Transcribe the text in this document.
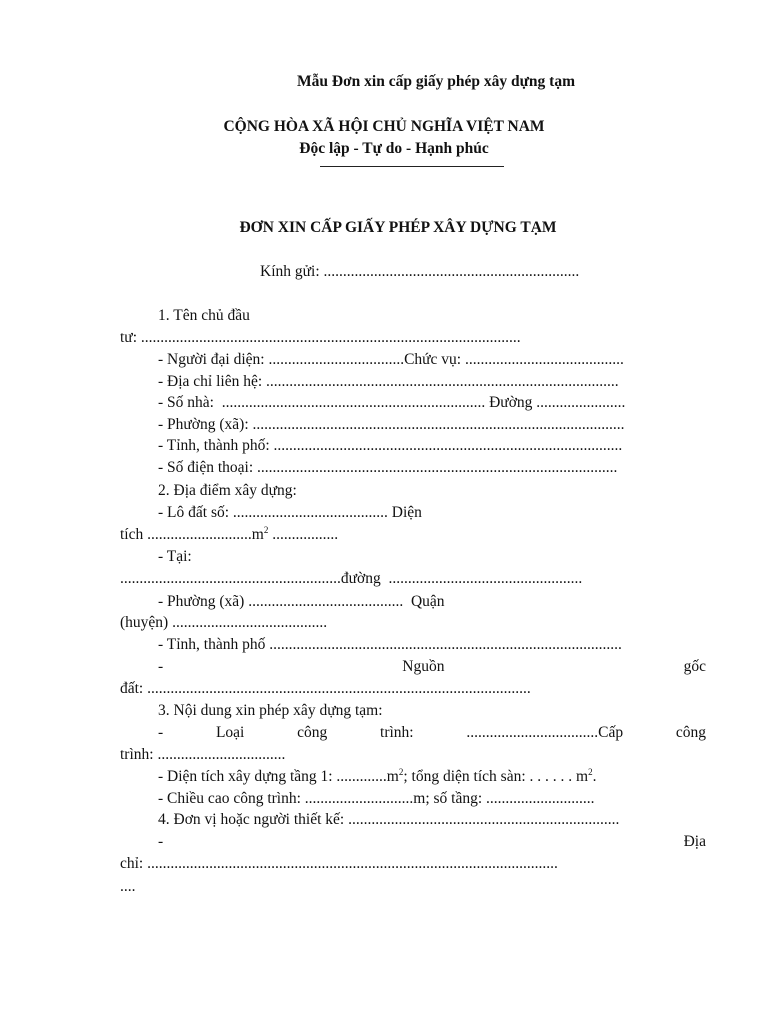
Mẫu Đơn xin cấp giấy phép xây dựng tạm
CỘNG HÒA XÃ HỘI CHỦ NGHĨA VIỆT NAM
Độc lập - Tự do - Hạnh phúc
ĐƠN XIN CẤP GIẤY PHÉP XÂY DỰNG TẠM
Kính gửi: ..................................................................
1. Tên chủ đầu
tư: ..................................................................................................
- Người đại diện: ...................................Chức vụ: .........................................
- Địa chỉ liên hệ: ...........................................................................................
- Số nhà:  .................................................................... Đường .......................
- Phường (xã): ................................................................................................
- Tỉnh, thành phố: ..........................................................................................
- Số điện thoại: .............................................................................................
2. Địa điểm xây dựng:
- Lô đất số: ........................................ Diện
tích $...........................m^2$ .................
- Tại:
.........................................................đường  ..................................................
- Phường (xã) ........................................  Quận
(huyện) ........................................
- Tỉnh, thành phố ...........................................................................................
-	Nguồn	gốc
đất: ...................................................................................................
3. Nội dung xin phép xây dựng tạm:
-	Loại	công	trình:	..................................Cấp	công
trình: .................................
- Diện tích xây dựng tầng 1: $.............m^2$; tổng diện tích sàn: . . . . . . $m^2$.
- Chiều cao công trình: ............................m; số tầng: ............................
4. Đơn vị hoặc người thiết kế: ......................................................................
-	Địa
chỉ: ..........................................................................................................
....
